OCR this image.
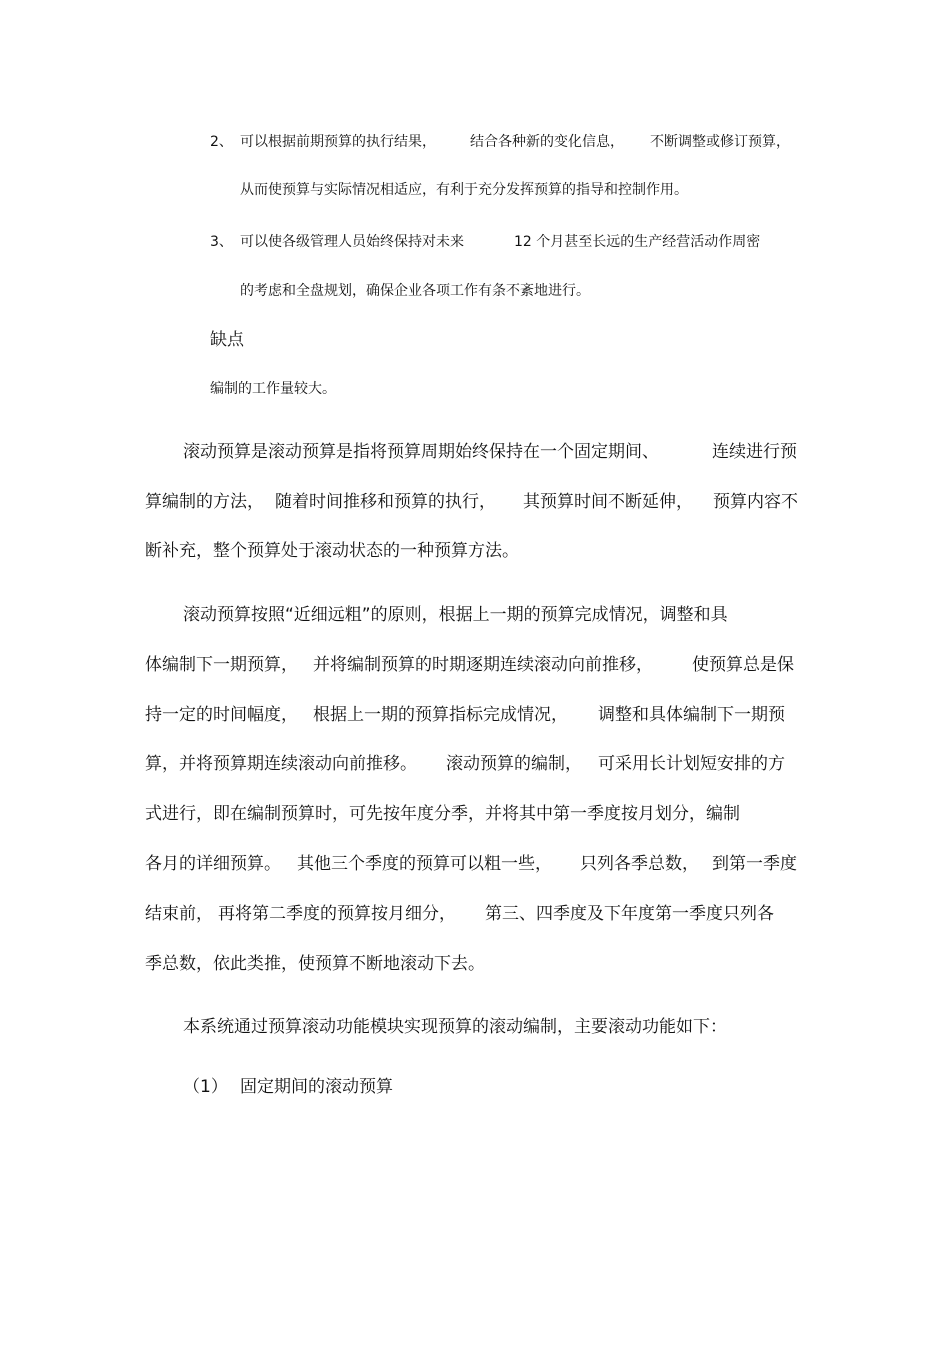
2、 可以根据前期预算的执行结果， 结合各种新的变化信息， 不断调整或修订预算，
从而使预算与实际情况相适应，有利于充分发挥预算的指导和控制作用。
3、 可以使各级管理人员始终保持对未来	12 个月甚至长远的生产经营活动作周密
的考虑和全盘规划，确保企业各项工作有条不紊地进行。
缺点
编制的工作量较大。
滚动预算是滚动预算是指将预算周期始终保持在一个固定期间、	连续进行预
算编制的方法， 随着时间推移和预算的执行， 其预算时间不断延伸， 预算内容不
断补充，整个预算处于滚动状态的一种预算方法。
滚动预算按照“近细远粗”的原则，根据上一期的预算完成情况，调整和具
体编制下一期预算， 并将编制预算的时期逐期连续滚动向前推移， 使预算总是保
持一定的时间幅度， 根据上一期的预算指标完成情况， 调整和具体编制下一期预
算，并将预算期连续滚动向前推移。 滚动预算的编制， 可采用长计划短安排的方
式进行，即在编制预算时，可先按年度分季，并将其中第一季度按月划分，编制
各月的详细预算。 其他三个季度的预算可以粗一些， 只列各季总数， 到第一季度
结束前， 再将第二季度的预算按月细分， 第三、四季度及下年度第一季度只列各
季总数，依此类推，使预算不断地滚动下去。
本系统通过预算滚动功能模块实现预算的滚动编制，主要滚动功能如下：
（1） 固定期间的滚动预算
